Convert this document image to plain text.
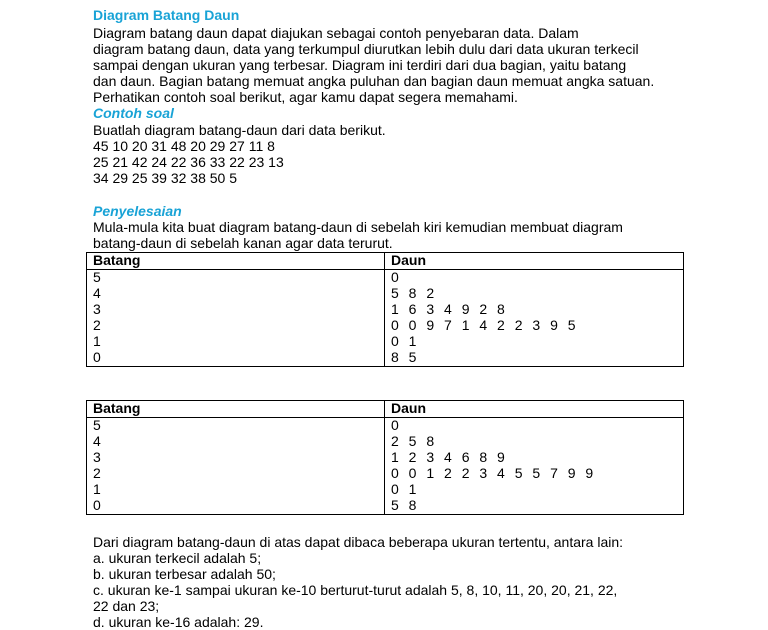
Diagram Batang Daun
Diagram batang daun dapat diajukan sebagai contoh penyebaran data. Dalam
diagram batang daun, data yang terkumpul diurutkan lebih dulu dari data ukuran terkecil
sampai dengan ukuran yang terbesar. Diagram ini terdiri dari dua bagian, yaitu batang
dan daun. Bagian batang memuat angka puluhan dan bagian daun memuat angka satuan.
Perhatikan contoh soal berikut, agar kamu dapat segera memahami.
Contoh soal
Buatlah diagram batang-daun dari data berikut.
45 10 20 31 48 20 29 27 11 8
25 21 42 24 22 36 33 22 23 13
34 29 25 39 32 38 50 5
Penyelesaian
Mula-mula kita buat diagram batang-daun di sebelah kiri kemudian membuat diagram
batang-daun di sebelah kanan agar data terurut.
Batang	Daun
5	0
4	5 8 2
3	1 6 3 4 9 2 8
2	0 0 9 7 1 4 2 2 3 9 5
1	0 1
0	8 5
Batang	Daun
5	0
4	2 5 8
3	1 2 3 4 6 8 9
2	0 0 1 2 2 3 4 5 5 7 9 9
1	0 1
0	5 8
Dari diagram batang-daun di atas dapat dibaca beberapa ukuran tertentu, antara lain:
a. ukuran terkecil adalah 5;
b. ukuran terbesar adalah 50;
c. ukuran ke-1 sampai ukuran ke-10 berturut-turut adalah 5, 8, 10, 11, 20, 20, 21, 22,
22 dan 23;
d. ukuran ke-16 adalah: 29.
